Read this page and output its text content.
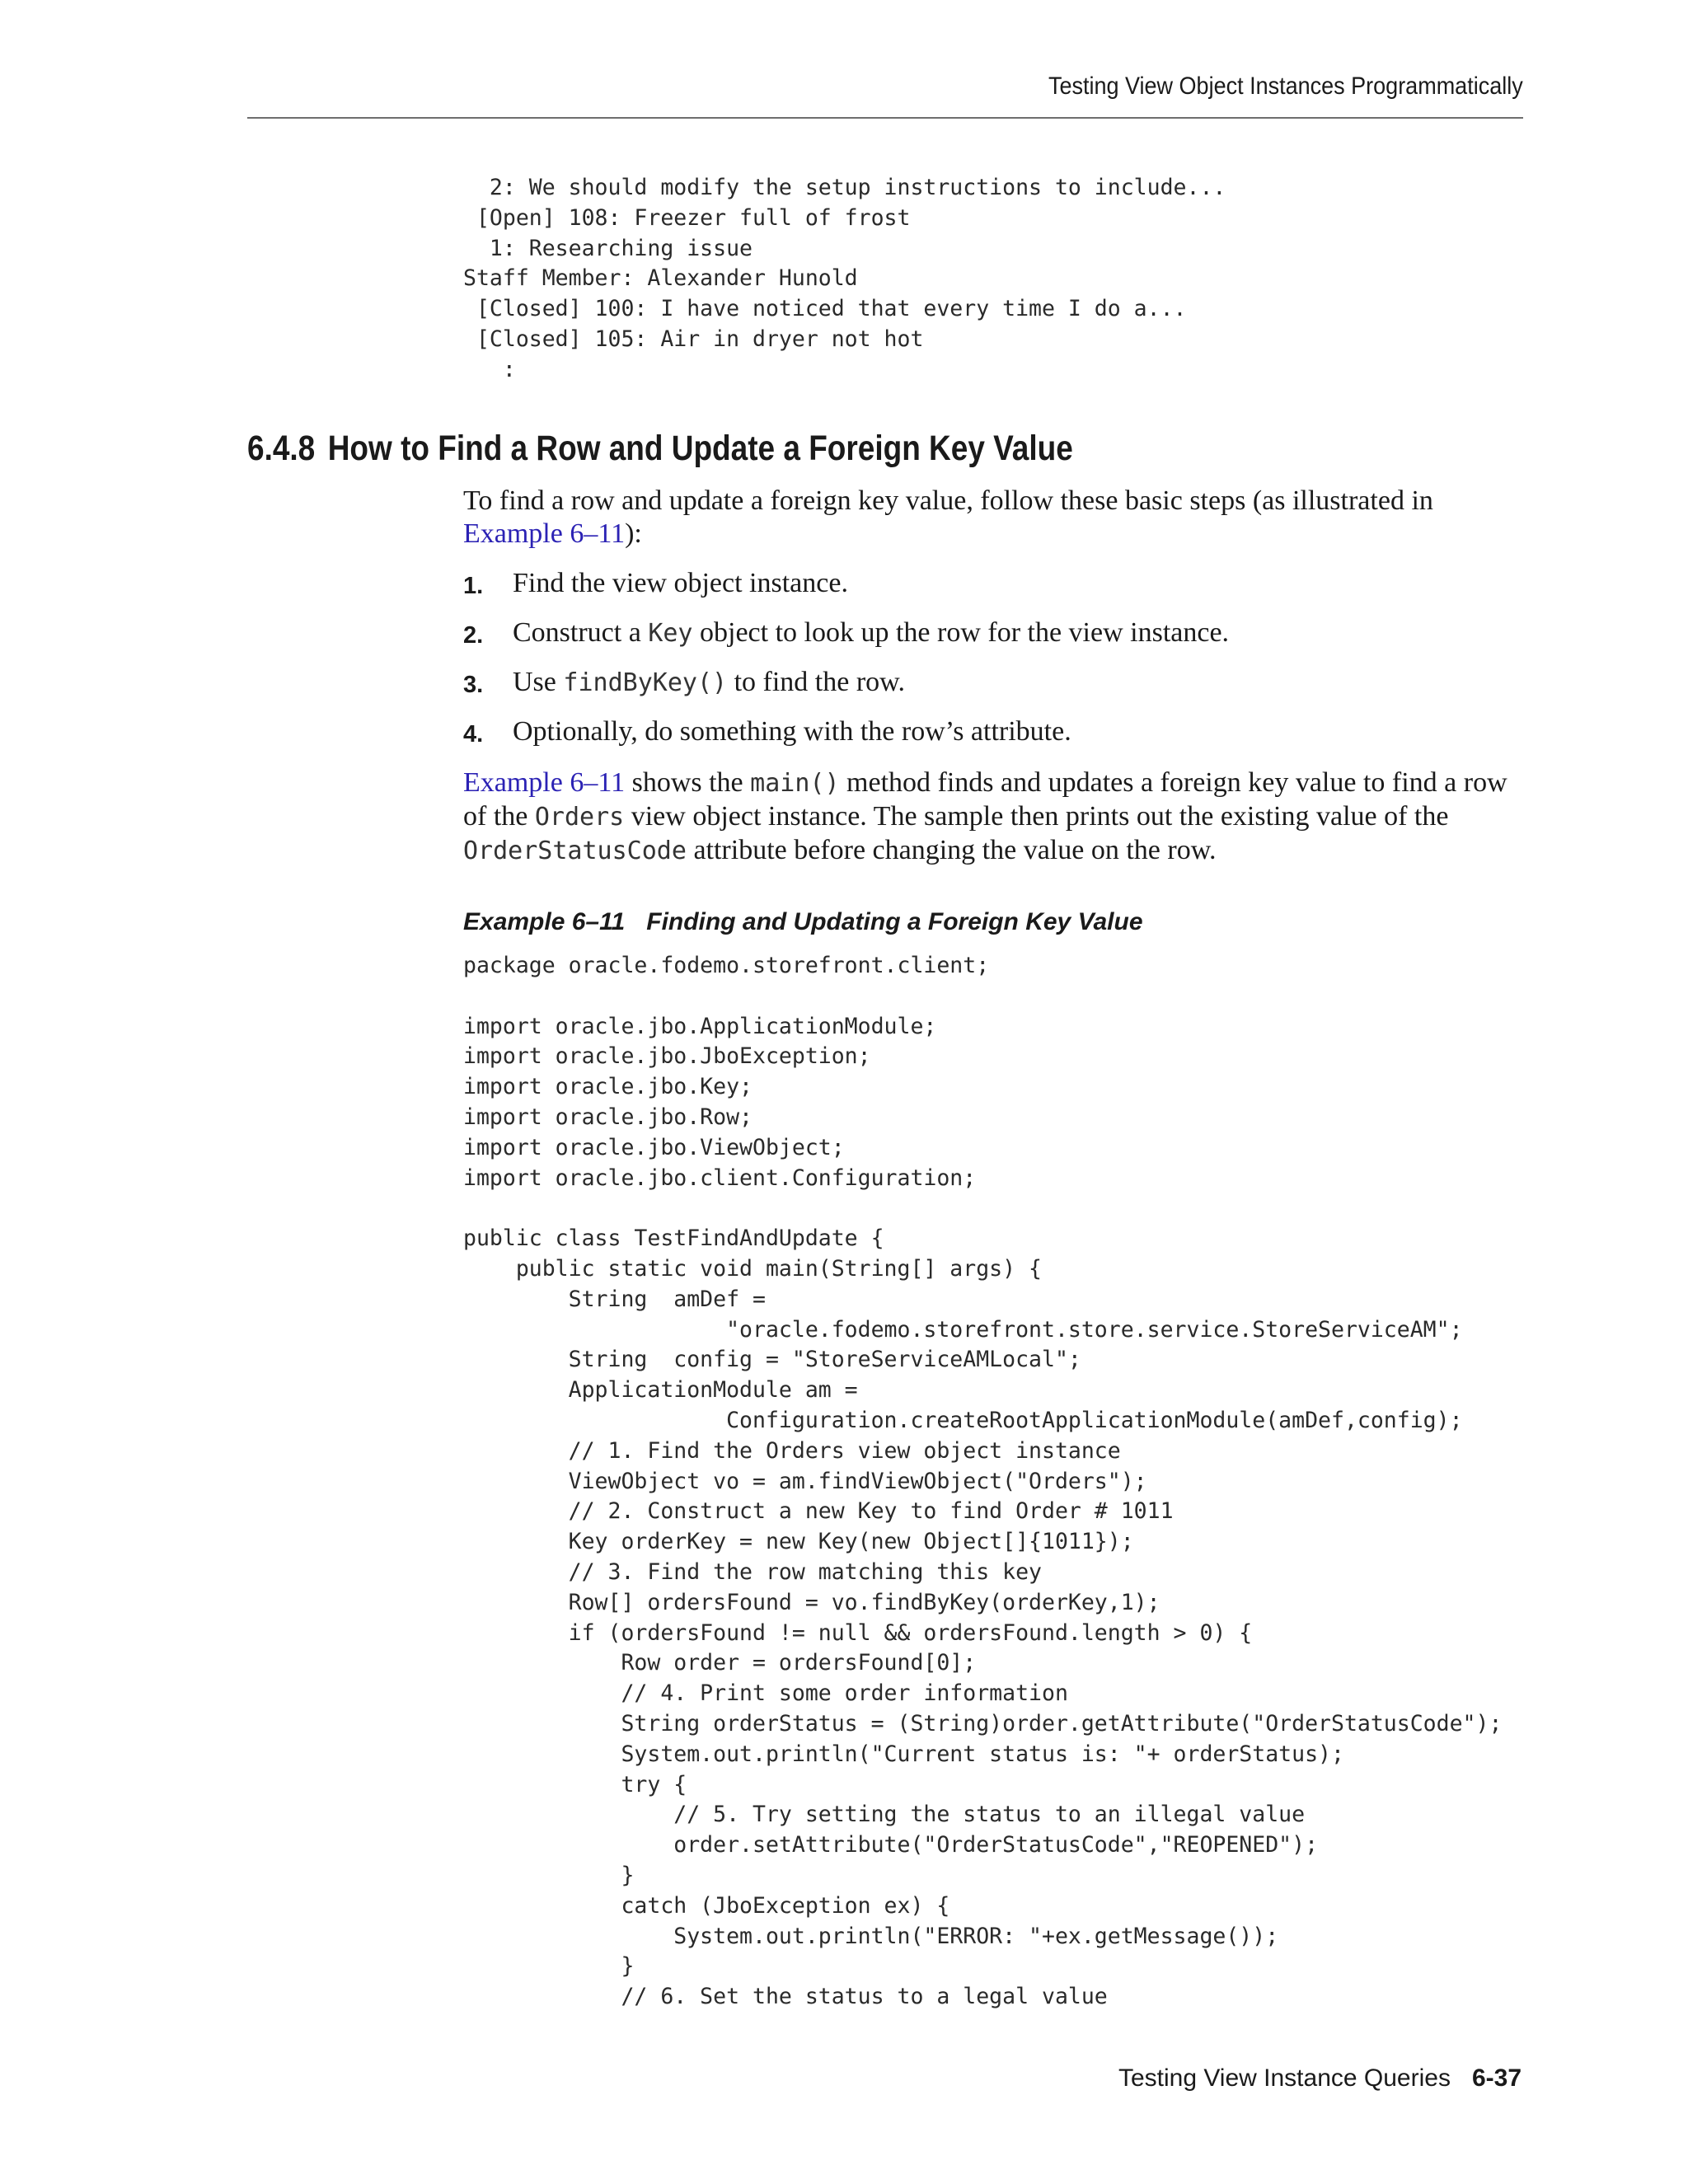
Testing View Object Instances Programmatically
2: We should modify the setup instructions to include...
[Open] 108: Freezer full of frost
1: Researching issue
Staff Member: Alexander Hunold
[Closed] 100: I have noticed that every time I do a...
[Closed] 105: Air in dryer not hot
:
6.4.8 How to Find a Row and Update a Foreign Key Value

To find a row and update a foreign key value, follow these basic steps (as illustrated in Example 6–11):

1. Find the view object instance.
2. Construct a Key object to look up the row for the view instance.
3. Use findByKey() to find the row.
4. Optionally, do something with the row’s attribute.

Example 6–11 shows the main() method finds and updates a foreign key value to find a row of the Orders view object instance. The sample then prints out the existing value of the OrderStatusCode attribute before changing the value on the row.

Example 6–11 Finding and Updating a Foreign Key Value

package oracle.fodemo.storefront.client;

import oracle.jbo.ApplicationModule;
import oracle.jbo.JboException;
import oracle.jbo.Key;
import oracle.jbo.Row;
import oracle.jbo.ViewObject;
import oracle.jbo.client.Configuration;

public class TestFindAndUpdate {
public static void main(String[] args) {
String  amDef =
"oracle.fodemo.storefront.store.service.StoreServiceAM";
String  config = "StoreServiceAMLocal";
ApplicationModule am =
Configuration.createRootApplicationModule(amDef,config);
// 1. Find the Orders view object instance
ViewObject vo = am.findViewObject("Orders");
// 2. Construct a new Key to find Order # 1011
Key orderKey = new Key(new Object[]{1011});
// 3. Find the row matching this key
Row[] ordersFound = vo.findByKey(orderKey,1);
if (ordersFound != null && ordersFound.length > 0) {
Row order = ordersFound[0];
// 4. Print some order information
String orderStatus = (String)order.getAttribute("OrderStatusCode");
System.out.println("Current status is: "+ orderStatus);
try {
// 5. Try setting the status to an illegal value
order.setAttribute("OrderStatusCode","REOPENED");
}
catch (JboException ex) {
System.out.println("ERROR: "+ex.getMessage());
}
// 6. Set the status to a legal value
Testing View Instance Queries 6-37
